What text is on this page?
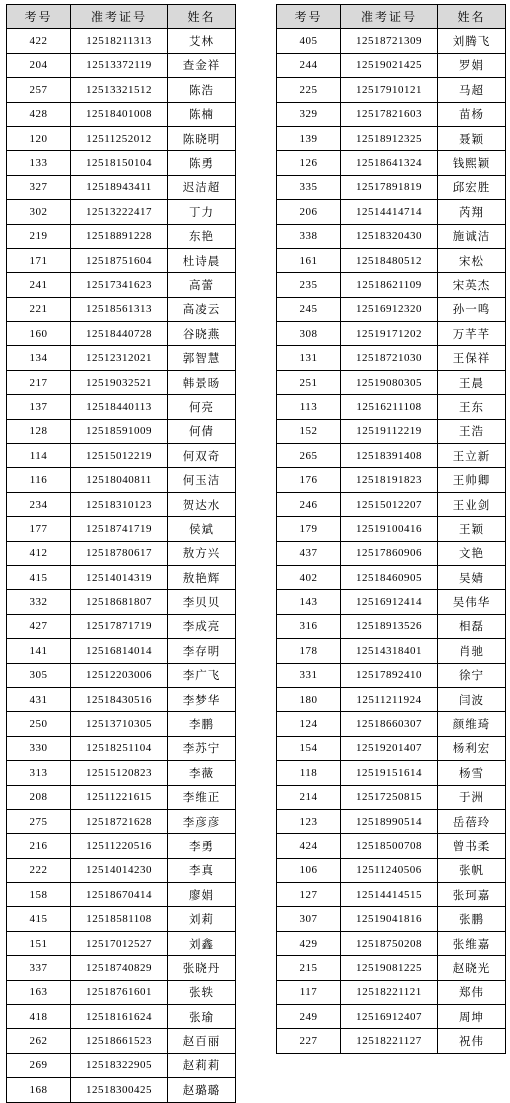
考号	准考证号	姓名
422	12518211313	艾林
204	12513372119	查金祥
257	12513321512	陈浩
428	12518401008	陈楠
120	12511252012	陈晓明
133	12518150104	陈勇
327	12518943411	迟洁超
302	12513222417	丁力
219	12518891228	东艳
171	12518751604	杜诗晨
241	12517341623	高蕾
221	12518561313	高凌云
160	12518440728	谷晓燕
134	12512312021	郭智慧
217	12519032521	韩景旸
137	12518440113	何亮
128	12518591009	何倩
114	12515012219	何双奇
116	12518040811	何玉洁
234	12518310123	贺达水
177	12518741719	侯斌
412	12518780617	敖方兴
415	12514014319	敖艳辉
332	12518681807	李贝贝
427	12517871719	李成亮
141	12516814014	李存明
305	12512203006	李广飞
431	12518430516	李梦华
250	12513710305	李鹏
330	12518251104	李苏宁
313	12515120823	李薇
208	12511221615	李维正
275	12518721628	李彦彦
216	12511220516	李勇
222	12514014230	李真
158	12518670414	廖娟
415	12518581108	刘莉
151	12517012527	刘鑫
337	12518740829	张晓丹
163	12518761601	张轶
418	12518161624	张瑜
262	12518661523	赵百丽
269	12518322905	赵莉莉
168	12518300425	赵璐璐
考号	准考证号	姓名
405	12518721309	刘腾飞
244	12519021425	罗娟
225	12517910121	马超
329	12517821603	苗杨
139	12518912325	聂颖
126	12518641324	钱熙颖
335	12517891819	邱宏胜
206	12514414714	芮翔
338	12518320430	施诚洁
161	12518480512	宋松
235	12518621109	宋英杰
245	12516912320	孙一鸣
308	12519171202	万芊芊
131	12518721030	王保祥
251	12519080305	王晨
113	12516211108	王东
152	12519112219	王浩
265	12518391408	王立新
176	12518191823	王帅卿
246	12515012207	王业剑
179	12519100416	王颖
437	12517860906	文艳
402	12518460905	吴婧
143	12516912414	吴伟华
316	12518913526	相磊
178	12514318401	肖驰
331	12517892410	徐宁
180	12511211924	闫波
124	12518660307	颜维琦
154	12519201407	杨利宏
118	12519151614	杨雪
214	12517250815	于洲
123	12518990514	岳蓓玲
424	12518500708	曾书柔
106	12511240506	张帆
127	12514414515	张珂嘉
307	12519041816	张鹏
429	12518750208	张维嘉
215	12519081225	赵晓光
117	12518221121	郑伟
249	12516912407	周坤
227	12518221127	祝伟
